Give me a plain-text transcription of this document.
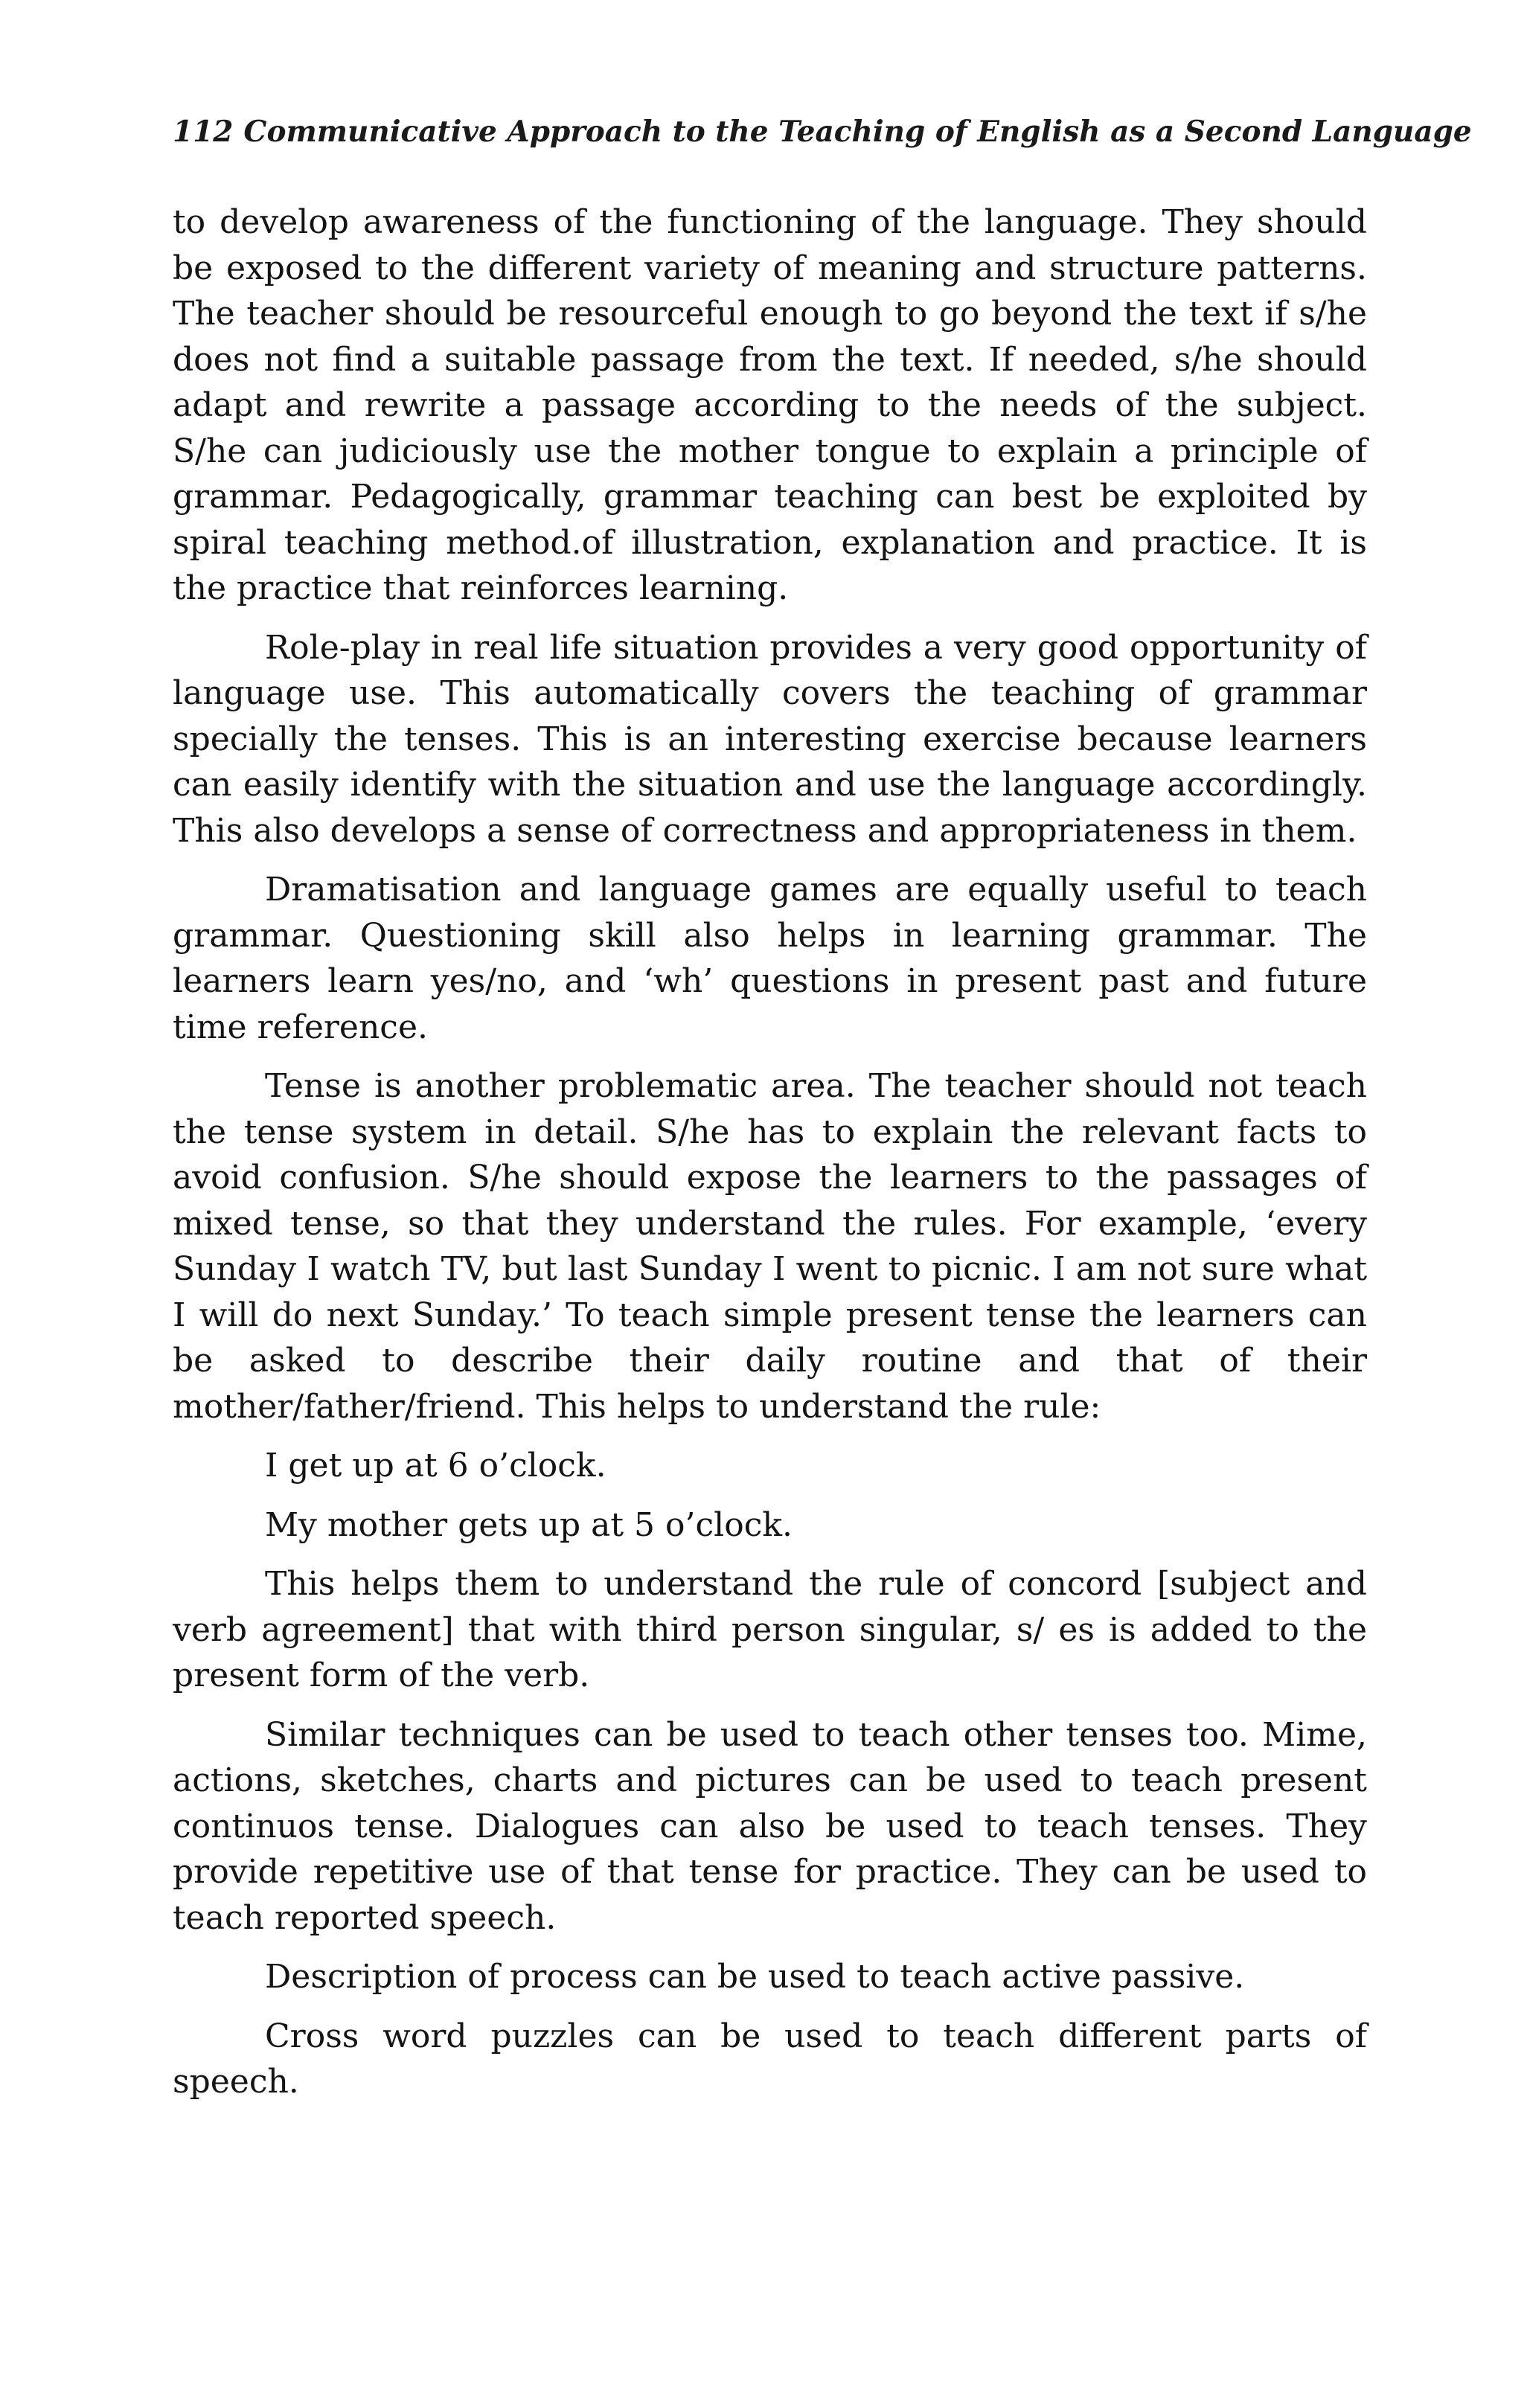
112 Communicative Approach to the Teaching of English as a Second Language

to develop awareness of the functioning of the language. They should be exposed to the different variety of meaning and structure patterns. The teacher should be resourceful enough to go beyond the text if s/he does not find a suitable passage from the text. If needed, s/he should adapt and rewrite a passage according to the needs of the subject. S/he can judiciously use the mother tongue to explain a principle of grammar. Pedagogically, grammar teaching can best be exploited by spiral teaching method.of illustration, explanation and practice. It is the practice that reinforces learning.

Role-play in real life situation provides a very good opportunity of language use. This automatically covers the teaching of grammar specially the tenses. This is an interesting exercise because learners can easily identify with the situation and use the language accordingly. This also develops a sense of correctness and appropriateness in them.

Dramatisation and language games are equally useful to teach grammar. Questioning skill also helps in learning grammar. The learners learn yes/no, and ‘wh’ questions in present past and future time reference.

Tense is another problematic area. The teacher should not teach the tense system in detail. S/he has to explain the relevant facts to avoid confusion. S/he should expose the learners to the passages of mixed tense, so that they understand the rules. For example, ‘every Sunday I watch TV, but last Sunday I went to picnic. I am not sure what I will do next Sunday.’ To teach simple present tense the learners can be asked to describe their daily routine and that of their mother/father/friend. This helps to understand the rule:

I get up at 6 o’clock.

My mother gets up at 5 o’clock.

This helps them to understand the rule of concord [subject and verb agreement] that with third person singular, s/ es is added to the present form of the verb.

Similar techniques can be used to teach other tenses too. Mime, actions, sketches, charts and pictures can be used to teach present continuos tense. Dialogues can also be used to teach tenses. They provide repetitive use of that tense for practice. They can be used to teach reported speech.

Description of process can be used to teach active passive.

Cross word puzzles can be used to teach different parts of speech.
